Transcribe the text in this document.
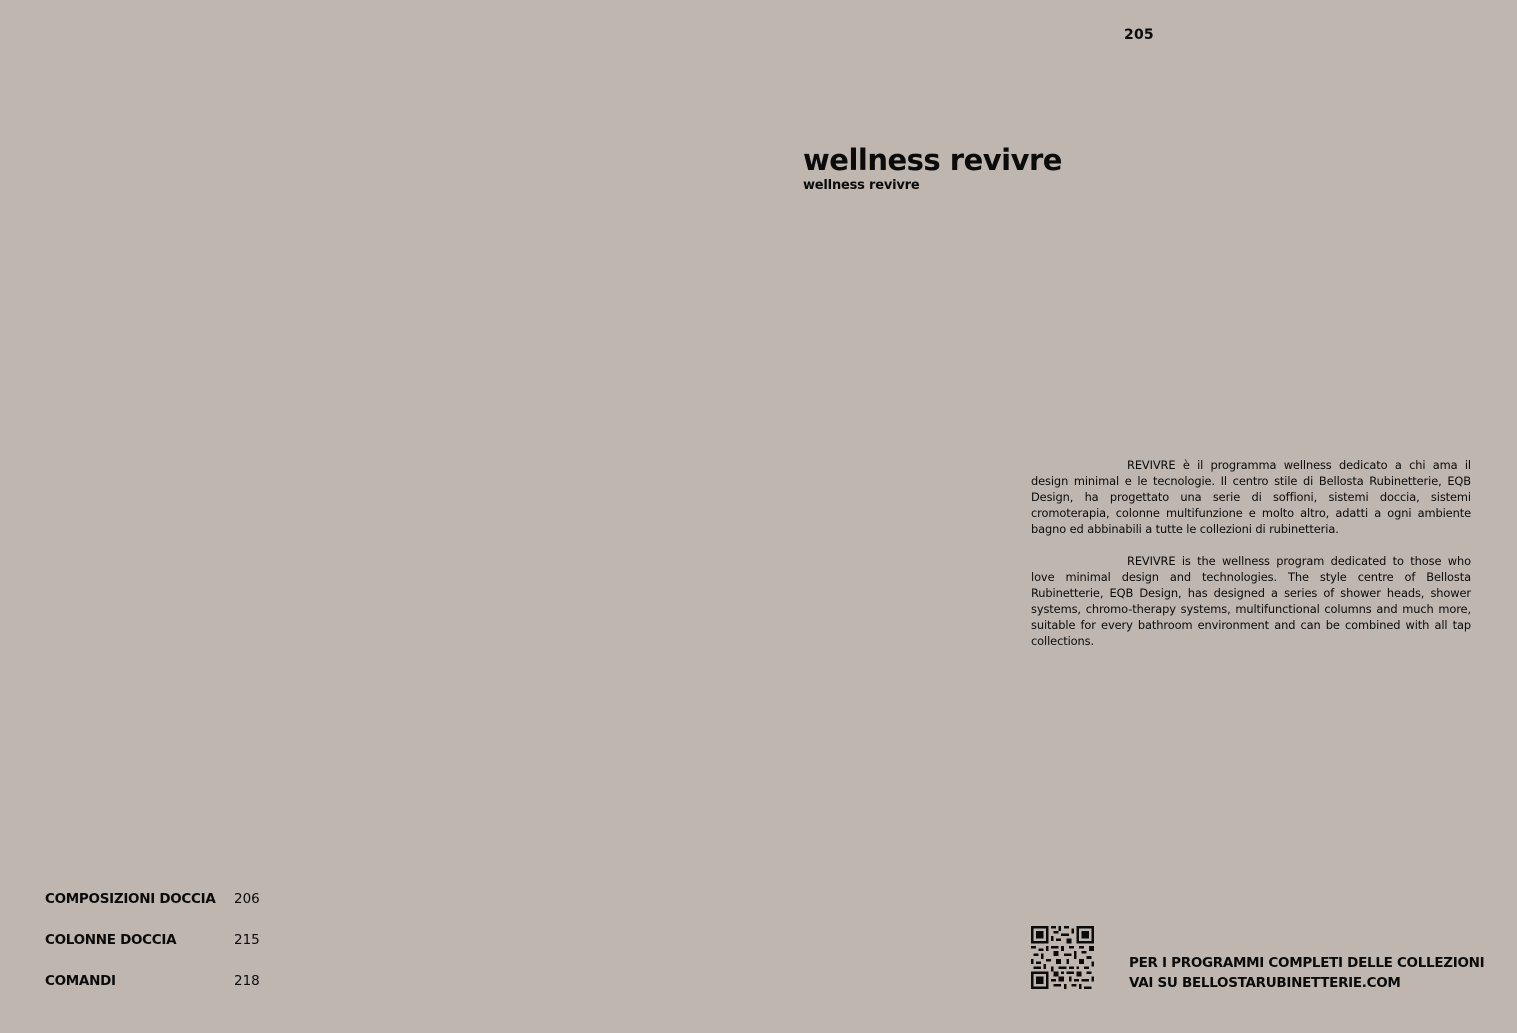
205
wellness revivre
wellness revivre

REVIVRE è il programma wellness dedicato a chi ama il design minimal e le tecnologie. Il centro stile di Bellosta Rubinetterie, EQB Design, ha progettato una serie di soffioni, sistemi doccia, sistemi cromoterapia, colonne multifunzione e molto altro, adatti a ogni ambiente bagno ed abbinabili a tutte le collezioni di rubinetteria.

REVIVRE is the wellness program dedicated to those who love minimal design and technologies. The style centre of Bellosta Rubinetterie, EQB Design, has designed a series of shower heads, shower systems, chromo-therapy systems, multifunctional columns and much more, suitable for every bathroom environment and can be combined with all tap collections.

COMPOSIZIONI DOCCIA 206
COLONNE DOCCIA	215
COMANDI	218
PER I PROGRAMMI COMPLETI DELLE COLLEZIONI
VAI SU BELLOSTARUBINETTERIE.COM
